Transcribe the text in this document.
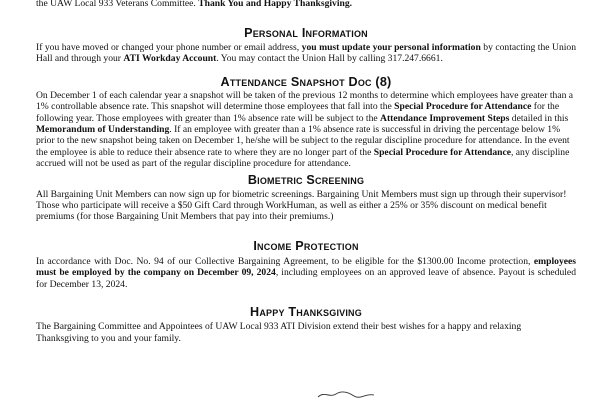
the UAW Local 933 Veterans Committee. Thank You and Happy Thanksgiving.
Personal Information

If you have moved or changed your phone number or email address, you must update your personal information by contacting the Union Hall and through your ATI Workday Account. You may contact the Union Hall by calling 317.247.6661.

Attendance Snapshot Doc (8)

On December 1 of each calendar year a snapshot will be taken of the previous 12 months to determine which employees have greater than a 1% controllable absence rate. This snapshot will determine those employees that fall into the Special Procedure for Attendance for the following year. Those employees with greater than 1% absence rate will be subject to the Attendance Improvement Steps detailed in this Memorandum of Understanding. If an employee with greater than a 1% absence rate is successful in driving the percentage below 1% prior to the new snapshot being taken on December 1, he/she will be subject to the regular discipline procedure for attendance. In the event the employee is able to reduce their absence rate to where they are no longer part of the Special Procedure for Attendance, any discipline accrued will not be used as part of the regular discipline procedure for attendance.

Biometric Screening

All Bargaining Unit Members can now sign up for biometric screenings. Bargaining Unit Members must sign up through their supervisor! Those who participate will receive a $50 Gift Card through WorkHuman, as well as either a 25% or 35% discount on medical benefit premiums (for those Bargaining Unit Members that pay into their premiums.)

Income Protection

In accordance with Doc. No. 94 of our Collective Bargaining Agreement, to be eligible for the $1300.00 Income protection, employees must be employed by the company on December 09, 2024, including employees on an approved leave of absence. Payout is scheduled for December 13, 2024.

Happy Thanksgiving

The Bargaining Committee and Appointees of UAW Local 933 ATI Division extend their best wishes for a happy and relaxing Thanksgiving to you and your family.
